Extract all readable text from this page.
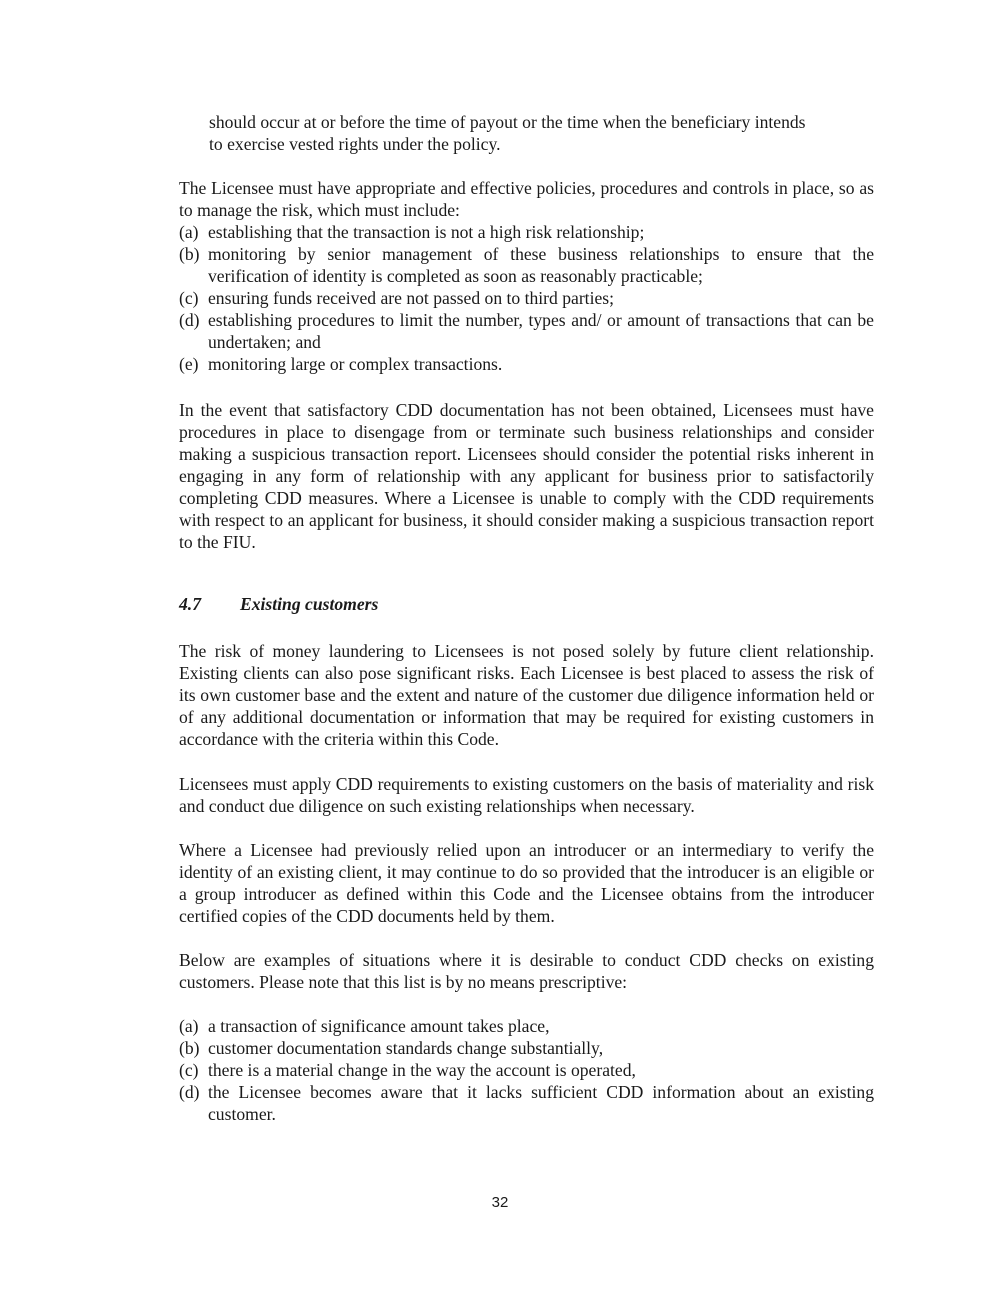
should occur at or before the time of payout or the time when the beneficiary intends
to exercise vested rights under the policy.

The Licensee must have appropriate and effective policies, procedures and controls in place, so as to manage the risk, which must include:

(a) establishing that the transaction is not a high risk relationship;
(b) monitoring by senior management of these business relationships to ensure that the verification of identity is completed as soon as reasonably practicable;
(c) ensuring funds received are not passed on to third parties;
(d) establishing procedures to limit the number, types and/ or amount of transactions that can be undertaken; and
(e) monitoring large or complex transactions.

In the event that satisfactory CDD documentation has not been obtained, Licensees must have procedures in place to disengage from or terminate such business relationships and consider making a suspicious transaction report. Licensees should consider the potential risks inherent in engaging in any form of relationship with any applicant for business prior to satisfactorily completing CDD measures. Where a Licensee is unable to comply with the CDD requirements with respect to an applicant for business, it should consider making a suspicious transaction report to the FIU.

4.7 Existing customers

The risk of money laundering to Licensees is not posed solely by future client relationship. Existing clients can also pose significant risks. Each Licensee is best placed to assess the risk of its own customer base and the extent and nature of the customer due diligence information held or of any additional documentation or information that may be required for existing customers in accordance with the criteria within this Code.

Licensees must apply CDD requirements to existing customers on the basis of materiality and risk and conduct due diligence on such existing relationships when necessary.

Where a Licensee had previously relied upon an introducer or an intermediary to verify the identity of an existing client, it may continue to do so provided that the introducer is an eligible or a group introducer as defined within this Code and the Licensee obtains from the introducer certified copies of the CDD documents held by them.

Below are examples of situations where it is desirable to conduct CDD checks on existing customers. Please note that this list is by no means prescriptive:

(a) a transaction of significance amount takes place,
(b) customer documentation standards change substantially,
(c) there is a material change in the way the account is operated,
(d) the Licensee becomes aware that it lacks sufficient CDD information about an existing customer.
32
